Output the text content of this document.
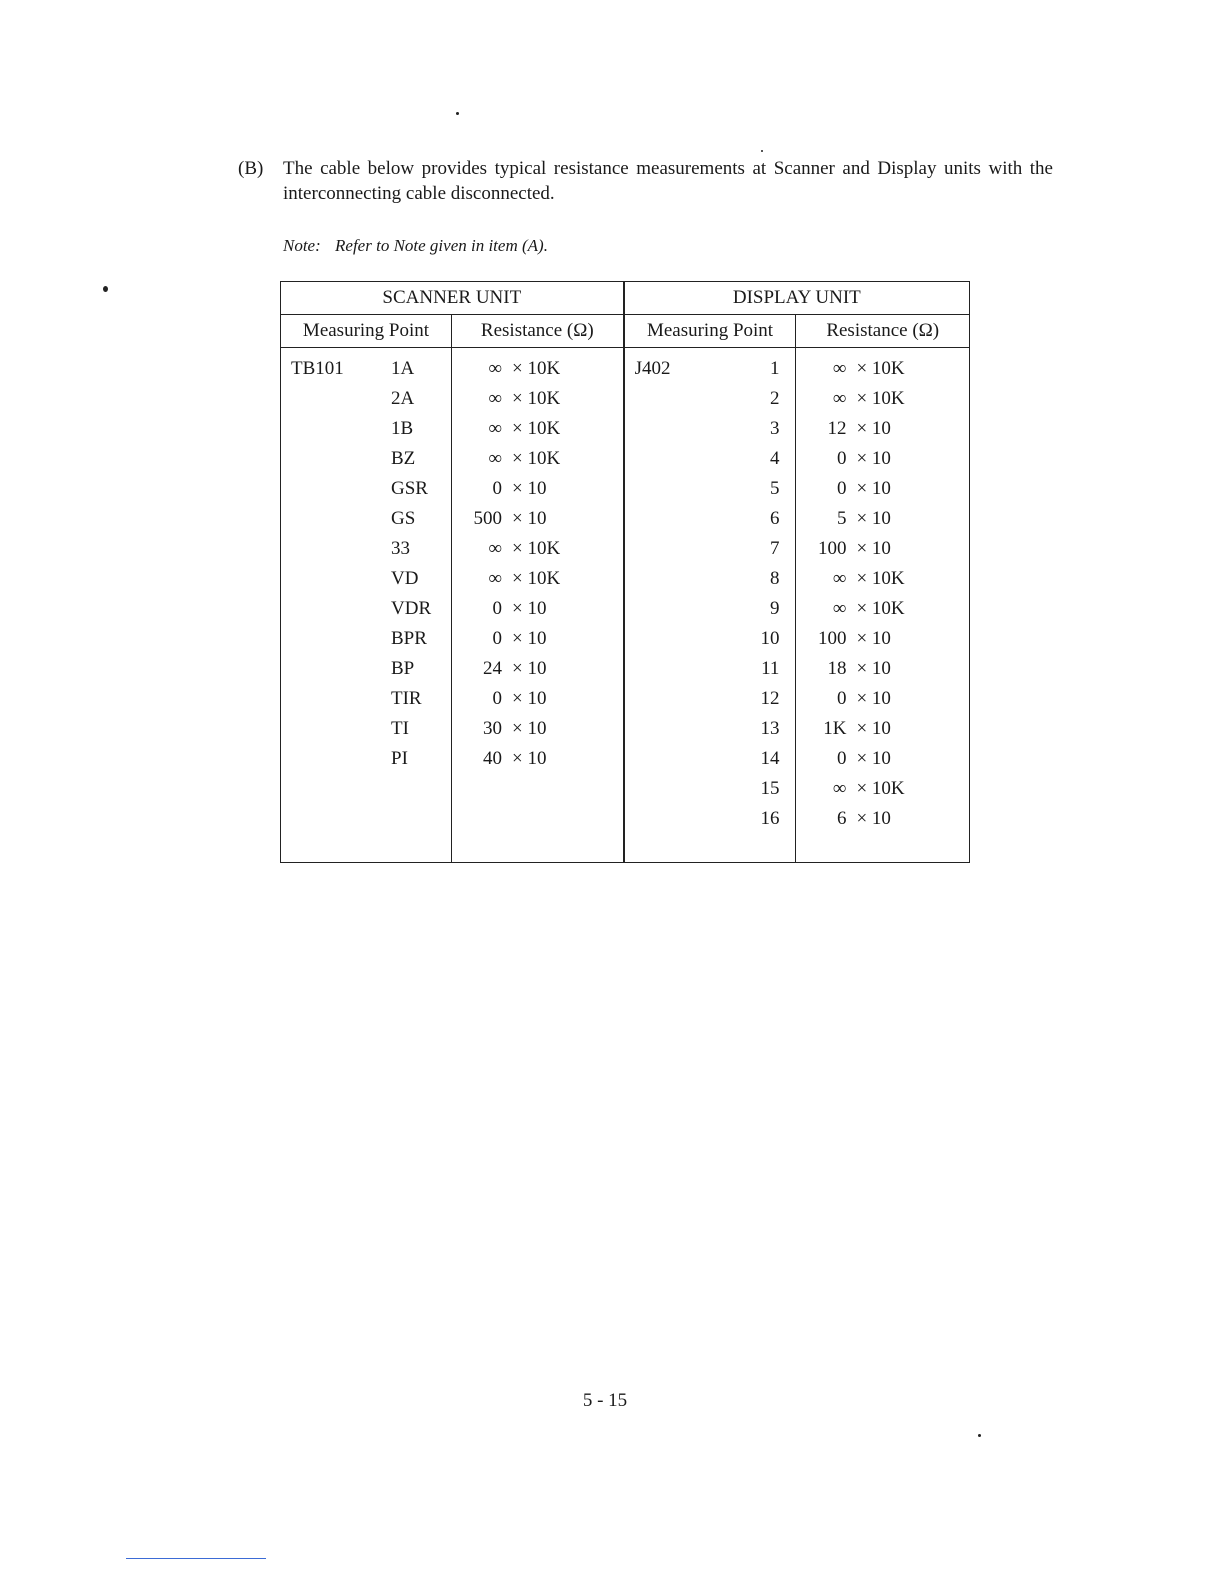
(B) The cable below provides typical resistance measurements at Scanner and Display units with the interconnecting cable disconnected.
Note: Refer to Note given in item (A).
SCANNER UNIT		DISPLAY UNIT	
Measuring Point	Resistance (Ω)	Measuring Point	Resistance (Ω)

TB101 1A	∞ × 10K	J402 1	∞ × 10K

2A	∞ × 10K	2	∞ × 10K

1B	∞ × 10K	3	12 × 10

BZ	∞ × 10K	4	0 × 10

GSR	0 × 10	5	0 × 10

GS	500 × 10	6	5 × 10

33	∞ × 10K	7	100 × 10

VD	∞ × 10K	8	∞ × 10K

VDR	0 × 10	9	∞ × 10K

BPR	0 × 10	10	100 × 10

BP	24 × 10	11	18 × 10

TIR	0 × 10	12	0 × 10

TI	30 × 10	13	1K × 10

PI	40 × 10	14	0 × 10

		15	∞ × 10K

		16	6 × 10

5 - 15
